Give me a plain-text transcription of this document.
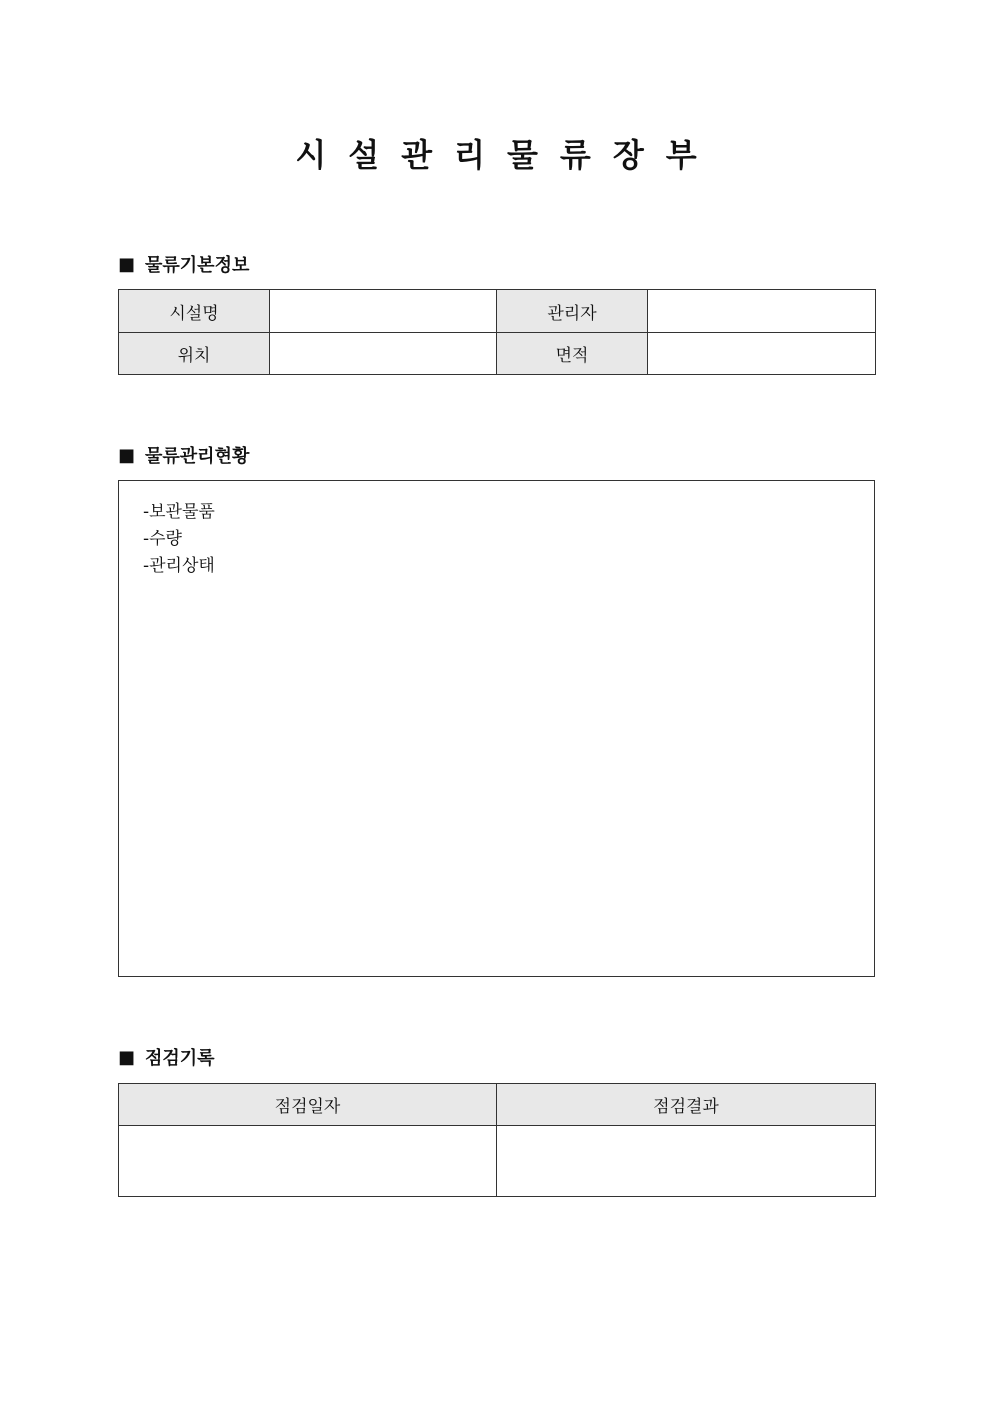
시설관리물류장부
■ 물류기본정보
시설명		관리자	
위치		면적	
■ 물류관리현황
-보관물품
-수량
-관리상태
■ 점검기록
점검일자	점검결과
